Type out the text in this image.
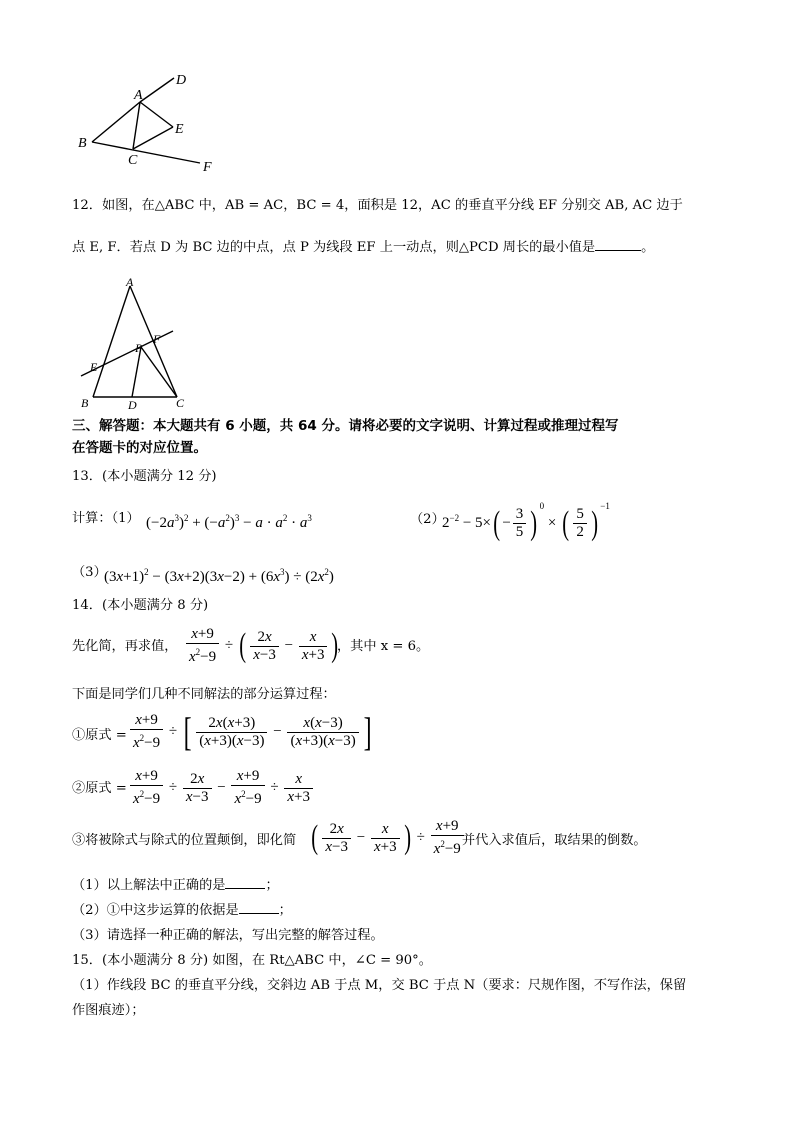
A
B
C
D
E
F
12．如图，在△ABC 中，AB = AC，BC = 4，面积是 12，AC 的垂直平分线 EF 分别交 AB, AC 边于
点 E, F．若点 D 为 BC 边的中点，点 P 为线段 EF 上一动点，则△PCD 周长的最小值是	。
A
B	C
D
E
F
P
三、解答题：本大题共有 6 小题，共 64 分。请将必要的文字说明、计算过程或推理过程写
在答题卡的对应位置。
13．(本小题满分 12 分)
计算：（1） $(-2a^3)^2 + (-a^2)^3 - a \cdot a^2 \cdot a^3$	（2）
$2^{-2} - 5\times( - \frac{3}{5}$ ) $^0$ × ( $\frac{5}{2}$ ) $^{-1}$
（3）
$(3x+1)^2 - (3x+2)(3x-2) + (6x^3) \div (2x^2)$
14．(本小题满分 8 分)
先化简，再求值， $\frac{x+9}{x^2-9}$ ÷ ( $\frac{2x}{x-3} - \frac{x}{x+3}$ )
，其中 x = 6。
下面是同学们几种不同解法的部分运算过程：
①原式 = $\frac{x+9}{x^2-9}$ ÷ [ $\frac{2x(x+3)}{(x+3)(x-3)} - \frac{x(x-3)}{(x+3)(x-3)}$ ]
②原式 = $\frac{x+9}{x^2-9} \div \frac{2x}{x-3} - \frac{x+9}{x^2-9} \div \frac{x}{x+3}$
③将被除式与除式的位置颠倒，即化简 ( $\frac{2x}{x-3} - \frac{x}{x+3}$ ) ÷ $\frac{x+9}{x^2-9}$
并代入求值后，取结果的倒数。
（1）以上解法中正确的是	；
（2）①中这步运算的依据是	；
（3）请选择一种正确的解法，写出完整的解答过程。
15．(本小题满分 8 分) 如图，在 Rt△ABC 中，∠C = 90°。
（1）作线段 BC 的垂直平分线，交斜边 AB 于点 M，交 BC 于点 N（要求：尺规作图，不写作法，保留
作图痕迹）；
